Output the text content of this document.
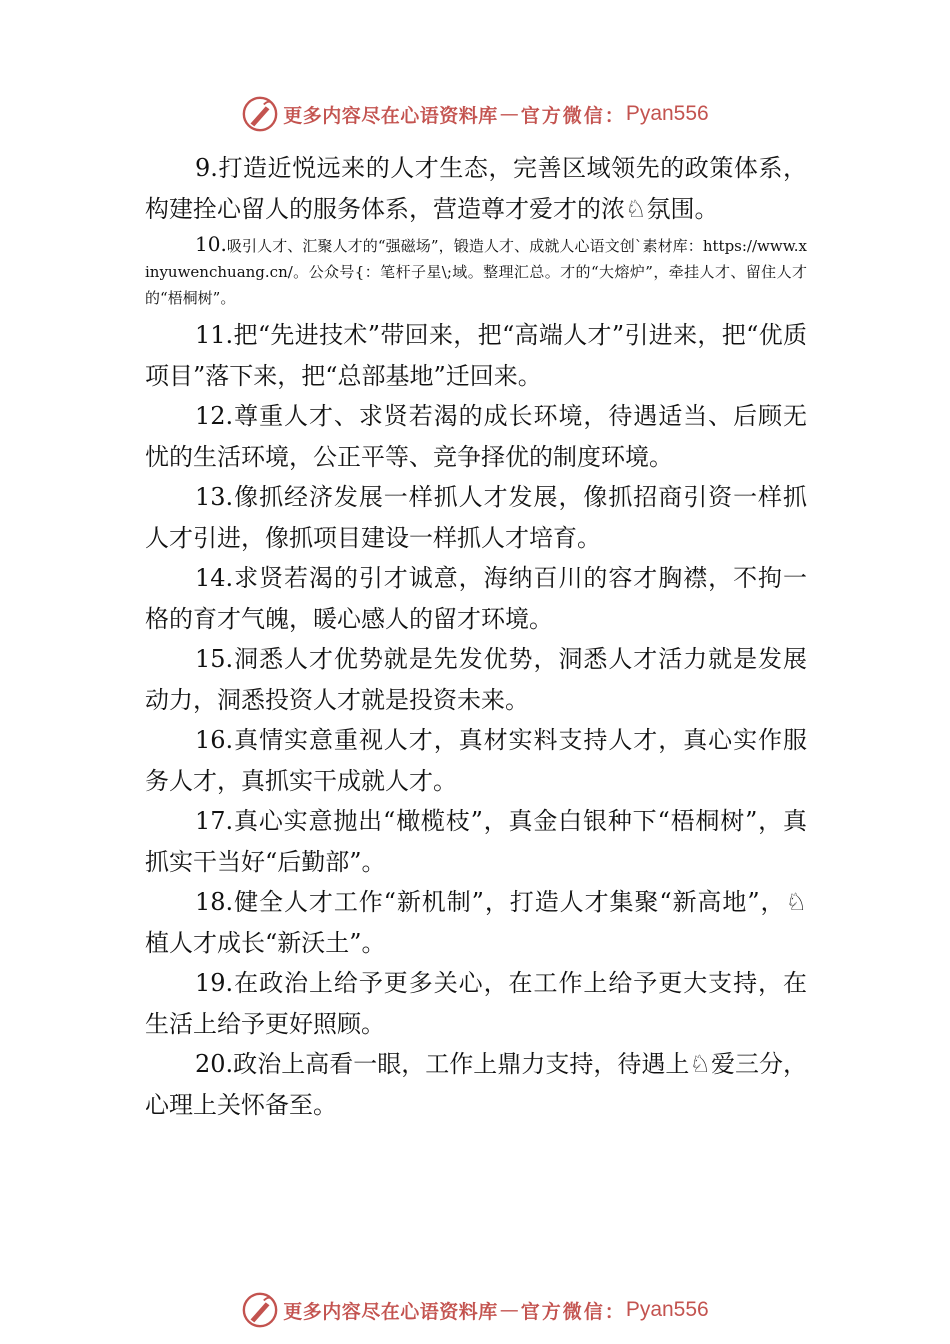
更多内容尽在心语资料库 — 官方微信： Pyan556

9.打造近悦远来的人才生态，完善区域领先的政策体系，构建拴心留人的服务体系，营造尊才爱才的浓♘氛围。

10.吸引人才、汇聚人才的“强磁场”，锻造人才、成就人心语文创`素材库：https://www.xinyuwenchuang.cn/。公众号{：笔杆子星\;域。整理汇总。才的“大熔炉”，牵挂人才、留住人才的“梧桐树”。

11.把“先进技术”带回来，把“高端人才”引进来，把“优质项目”落下来，把“总部基地”迁回来。

12.尊重人才、求贤若渴的成长环境，待遇适当、后顾无忧的生活环境，公正平等、竞争择优的制度环境。

13.像抓经济发展一样抓人才发展，像抓招商引资一样抓人才引进，像抓项目建设一样抓人才培育。

14.求贤若渴的引才诚意，海纳百川的容才胸襟，不拘一格的育才气魄，暖心感人的留才环境。

15.洞悉人才优势就是先发优势，洞悉人才活力就是发展动力，洞悉投资人才就是投资未来。

16.真情实意重视人才，真材实料支持人才，真心实作服务人才，真抓实干成就人才。

17.真心实意抛出“橄榄枝”，真金白银种下“梧桐树”，真抓实干当好“后勤部”。

18.健全人才工作“新机制”，打造人才集聚“新高地”，♘植人才成长“新沃土”。

19.在政治上给予更多关心，在工作上给予更大支持，在生活上给予更好照顾。

20.政治上高看一眼，工作上鼎力支持，待遇上♘爱三分，心理上关怀备至。

更多内容尽在心语资料库 — 官方微信： Pyan556
